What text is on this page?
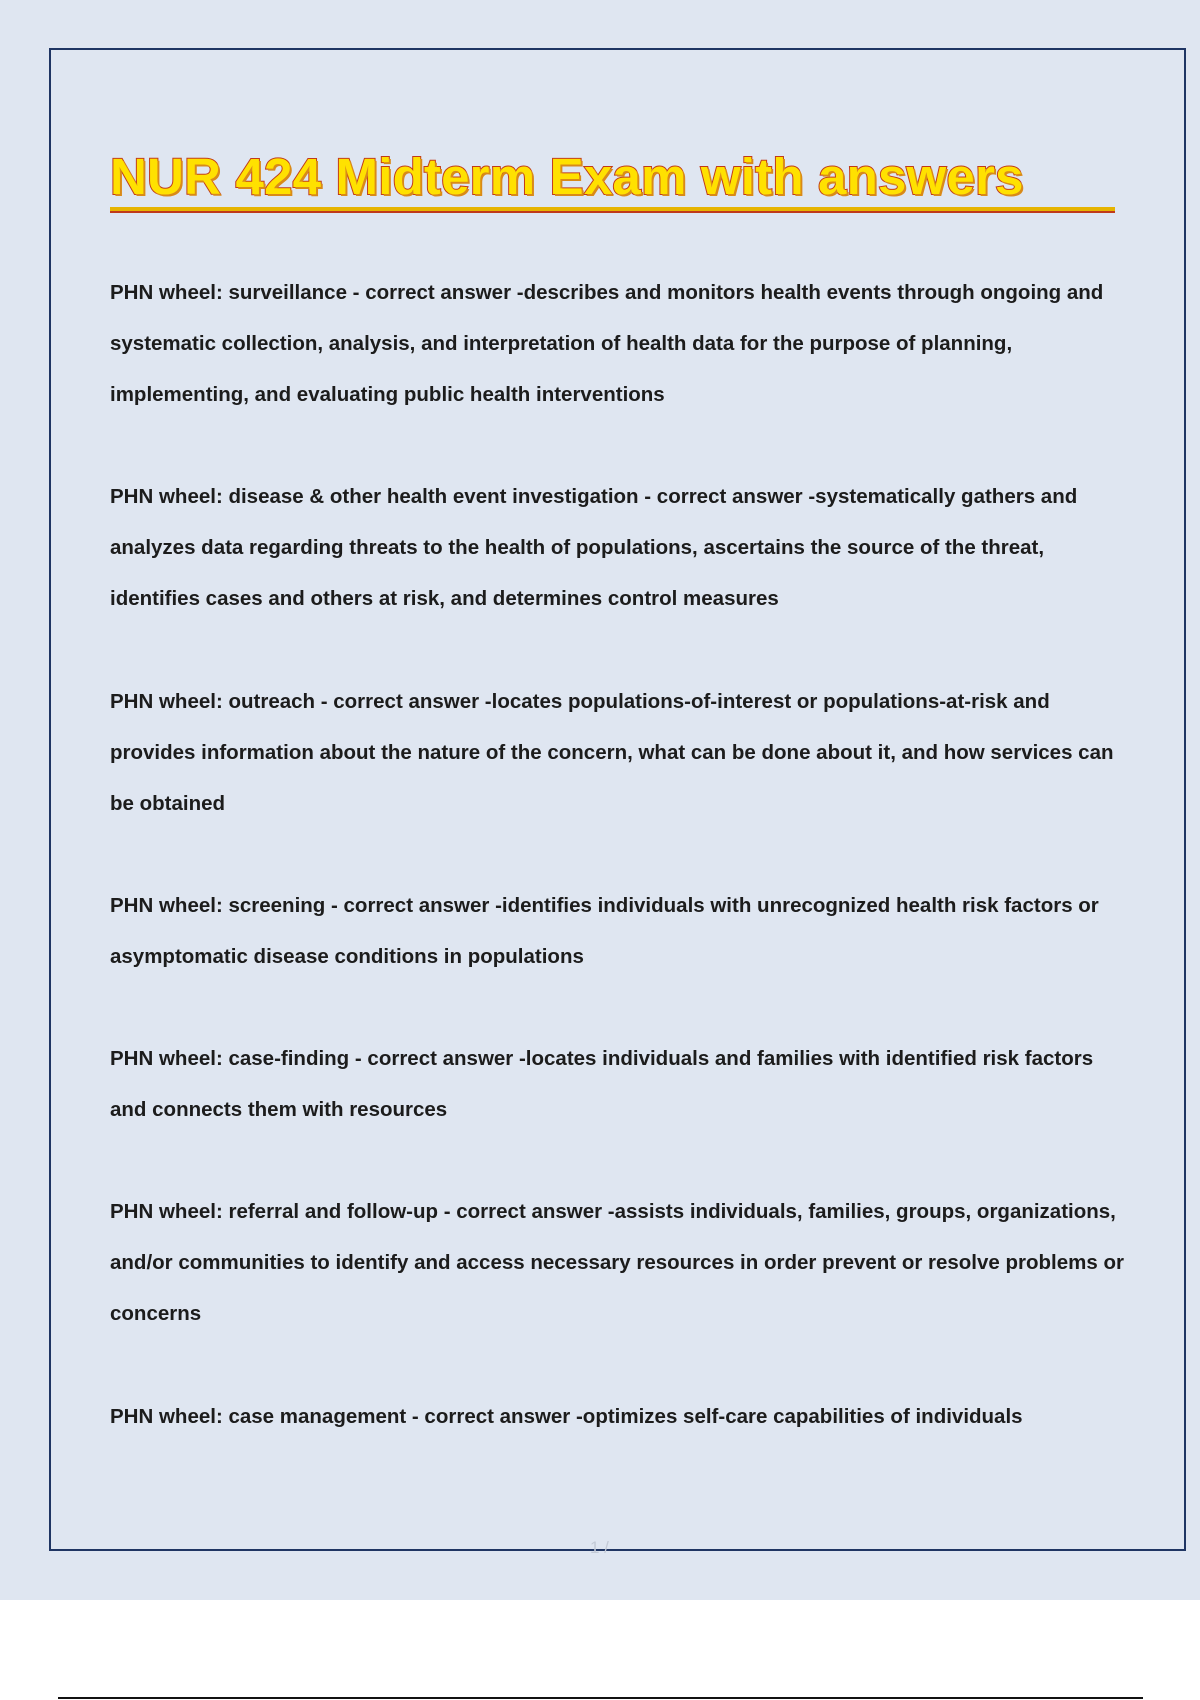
NUR 424 Midterm Exam with answers

PHN wheel: surveillance - correct answer -describes and monitors health events through ongoing and systematic collection, analysis, and interpretation of health data for the purpose of planning, implementing, and evaluating public health interventions

PHN wheel: disease & other health event investigation - correct answer -systematically gathers and analyzes data regarding threats to the health of populations, ascertains the source of the threat, identifies cases and others at risk, and determines control measures

PHN wheel: outreach - correct answer -locates populations-of-interest or populations-at-risk and provides information about the nature of the concern, what can be done about it, and how services can be obtained

PHN wheel: screening - correct answer -identifies individuals with unrecognized health risk factors or asymptomatic disease conditions in populations

PHN wheel: case-finding - correct answer -locates individuals and families with identified risk factors and connects them with resources

PHN wheel: referral and follow-up - correct answer -assists individuals, families, groups, organizations, and/or communities to identify and access necessary resources in order prevent or resolve problems or concerns

PHN wheel: case management - correct answer -optimizes self-care capabilities of individuals

1 /
